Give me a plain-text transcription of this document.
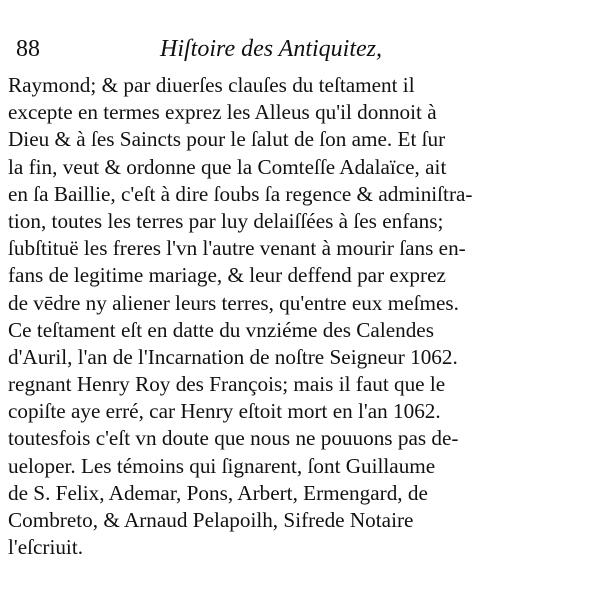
88	Hiſtoire des Antiquitez,
Raymond; & par diuerſes clauſes du teſtament il
excepte en termes exprez les Alleus qu'il donnoit à
Dieu & à ſes Saincts pour le ſalut de ſon ame. Et ſur
la fin, veut & ordonne que la Comteſſe Adalaïce, ait
en ſa Baillie, c'eſt à dire ſoubs ſa regence & adminiſtra-
tion, toutes les terres par luy delaiſſées à ſes enfans;
ſubſtituë les freres l'vn l'autre venant à mourir ſans en-
fans de legitime mariage, & leur deffend par exprez
de vēdre ny aliener leurs terres, qu'entre eux meſmes.
Ce teſtament eſt en datte du vnziéme des Calendes
d'Auril, l'an de l'Incarnation de noſtre Seigneur 1062.
regnant Henry Roy des François; mais il faut que le
copiſte aye erré, car Henry eſtoit mort en l'an 1062.
toutesfois c'eſt vn doute que nous ne pouuons pas de-
ueloper. Les témoins qui ſignarent, ſont Guillaume
de S. Felix, Ademar, Pons, Arbert, Ermengard, de
Combreto, & Arnaud Pelapoilh, Sifrede Notaire
l'eſcriuit.
